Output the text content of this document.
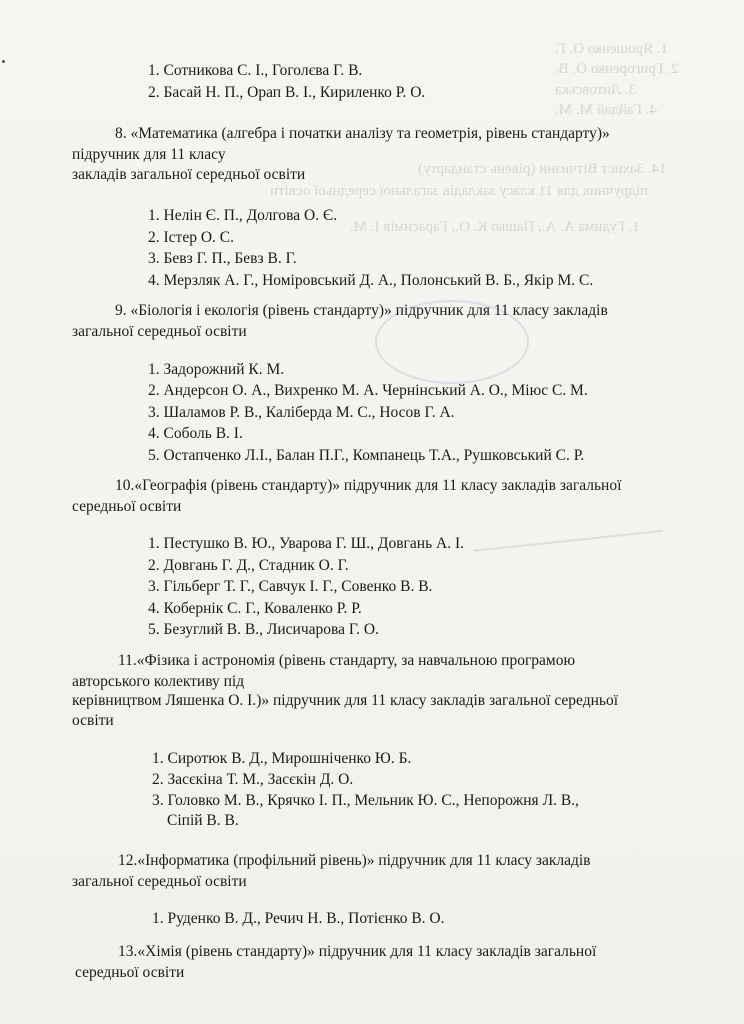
1. Ярошенко О. Г.
2. Григоренко О. В.
3. Литовська
4. Гайдай М. М.
14. Захист Вітчизни (рівень стандарту)
підручник для 11 класу закладів загальної середньої освіти
1. Гудима А. А., Пашко К. О., Гарасимів І. М.
1. Сотникова С. І., Гоголєва Г. В.
2. Басай Н. П., Орап В. І., Кириленко Р. О.
8. «Математика (алгебра і початки аналізу та геометрія, рівень стандарту)»
підручник для 11 класу
закладів загальної середньої освіти
1. Нелін Є. П., Долгова О. Є.
2. Істер О. С.
3. Бевз Г. П., Бевз В. Г.
4. Мерзляк А. Г., Номіровський Д. А., Полонський В. Б., Якір М. С.
9. «Біологія і екологія (рівень стандарту)» підручник для 11 класу закладів
загальної середньої освіти
1. Задорожний К. М.
2. Андерсон О. А., Вихренко М. А. Чернінський А. О., Міюс С. М.
3. Шаламов Р. В., Каліберда М. С., Носов Г. А.
4. Соболь В. І.
5. Остапченко Л.І., Балан П.Г., Компанець Т.А., Рушковський С. Р.
10.«Географія (рівень стандарту)» підручник для 11 класу закладів загальної
середньої освіти
1. Пестушко В. Ю., Уварова Г. Ш., Довгань А. І.
2. Довгань Г. Д., Стадник О. Г.
3. Гільберг Т. Г., Савчук І. Г., Совенко В. В.
4. Кобернік С. Г., Коваленко Р. Р.
5. Безуглий В. В., Лисичарова Г. О.
11.«Фізика і астрономія (рівень стандарту, за навчальною програмою
авторського колективу під
керівництвом Ляшенка О. І.)» підручник для 11 класу закладів загальної середньої
освіти
1. Сиротюк В. Д., Мирошніченко Ю. Б.
2. Засєкіна Т. М., Засєкін Д. О.
3. Головко М. В., Крячко І. П., Мельник Ю. С., Непорожня Л. В.,
Сіпій В. В.
12.«Інформатика (профільний рівень)» підручник для 11 класу закладів
загальної середньої освіти
1. Руденко В. Д., Речич Н. В., Потієнко В. О.
13.«Хімія (рівень стандарту)» підручник для 11 класу закладів загальної
середньої освіти
